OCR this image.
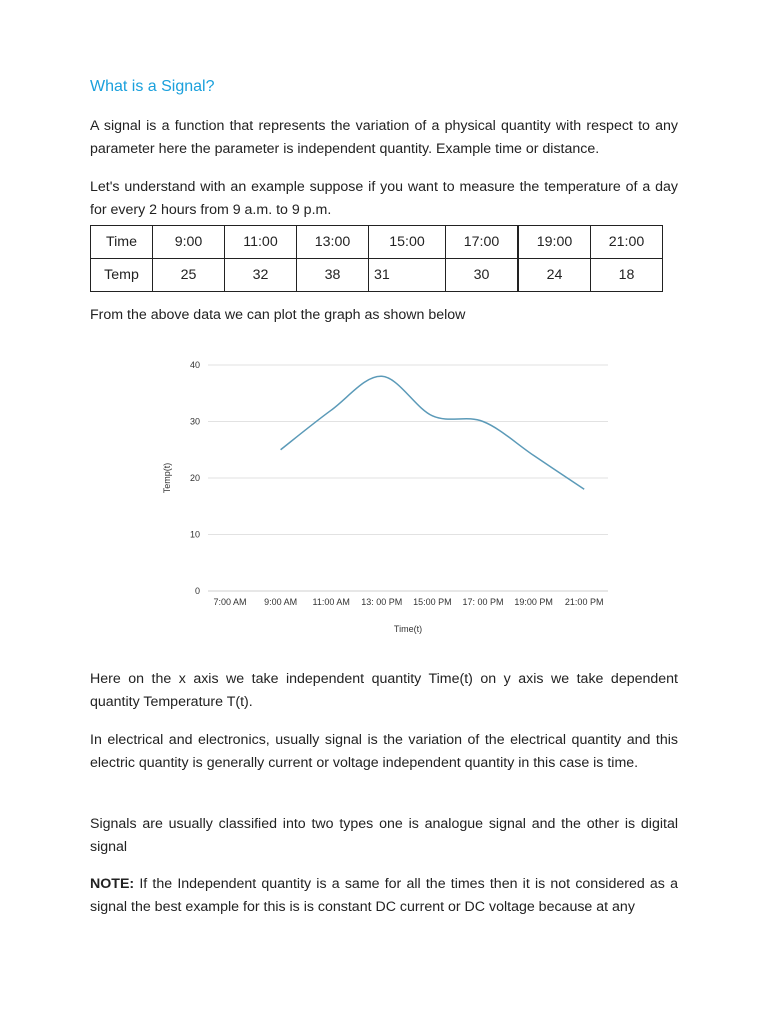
What is a Signal?

A signal is a function that represents the variation of a physical quantity with respect to any parameter here the parameter is independent quantity. Example time or distance.

Let's understand with an example suppose if you want to measure the temperature of a day for every 2 hours from 9 a.m. to 9 p.m.

Time	9:00	11:00	13:00	15:00	17:00	19:00	21:00
Temp	25	32	38	31	30	24	18

From the above data we can plot the graph as shown below

0
10
20
30
40
7:00 AM 9:00 AM 11:00 AM 13: 00 PM 15:00 PM 17: 00 PM 19:00 PM 21:00 PM
Time(t)
Temp(t)

Here on the x axis we take independent quantity Time(t) on y axis we take dependent quantity Temperature T(t).

In electrical and electronics, usually signal is the variation of the electrical quantity and this electric quantity is generally current or voltage independent quantity in this case is time.

Signals are usually classified into two types one is analogue signal and the other is digital signal

NOTE: If the Independent quantity is a same for all the times then it is not considered as a signal the best example for this is is constant DC current or DC voltage because at any
